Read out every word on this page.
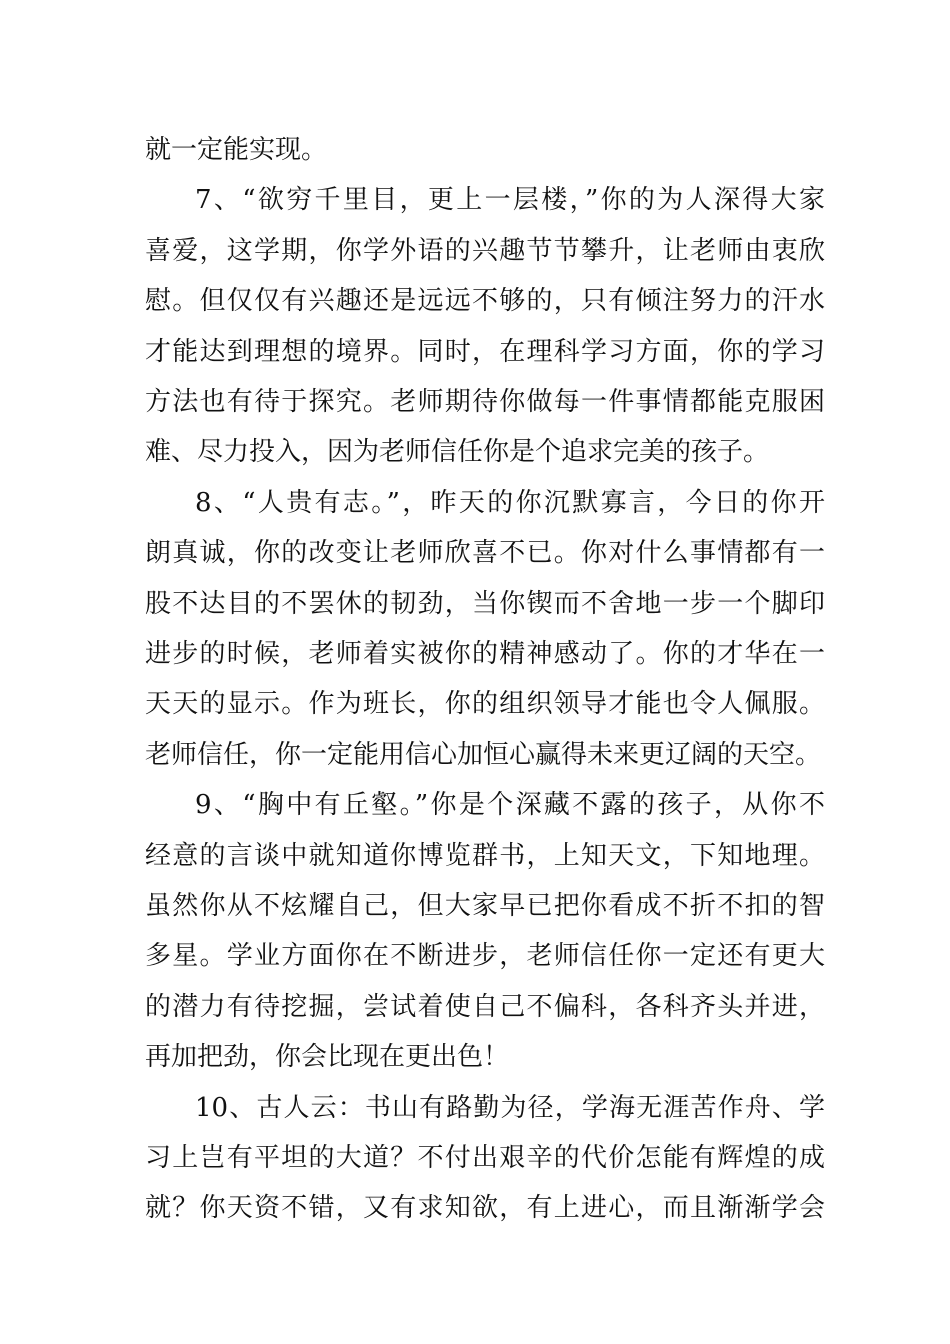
就一定能实现。
7、“欲穷千里目，更上一层楼，”你的为人深得大家
喜爱，这学期，你学外语的兴趣节节攀升，让老师由衷欣
慰。但仅仅有兴趣还是远远不够的，只有倾注努力的汗水
才能达到理想的境界。同时，在理科学习方面，你的学习
方法也有待于探究。老师期待你做每一件事情都能克服困
难、尽力投入，因为老师信任你是个追求完美的孩子。
8、“人贵有志。”，昨天的你沉默寡言，今日的你开
朗真诚，你的改变让老师欣喜不已。你对什么事情都有一
股不达目的不罢休的韧劲，当你锲而不舍地一步一个脚印
进步的时候，老师着实被你的精神感动了。你的才华在一
天天的显示。作为班长，你的组织领导才能也令人佩服。
老师信任，你一定能用信心加恒心赢得未来更辽阔的天空。
9、“胸中有丘壑。”你是个深藏不露的孩子，从你不
经意的言谈中就知道你博览群书，上知天文，下知地理。
虽然你从不炫耀自己，但大家早已把你看成不折不扣的智
多星。学业方面你在不断进步，老师信任你一定还有更大
的潜力有待挖掘，尝试着使自己不偏科，各科齐头并进，
再加把劲，你会比现在更出色！
10、古人云：书山有路勤为径，学海无涯苦作舟、学
习上岂有平坦的大道？不付出艰辛的代价怎能有辉煌的成
就？你天资不错，又有求知欲，有上进心，而且渐渐学会
